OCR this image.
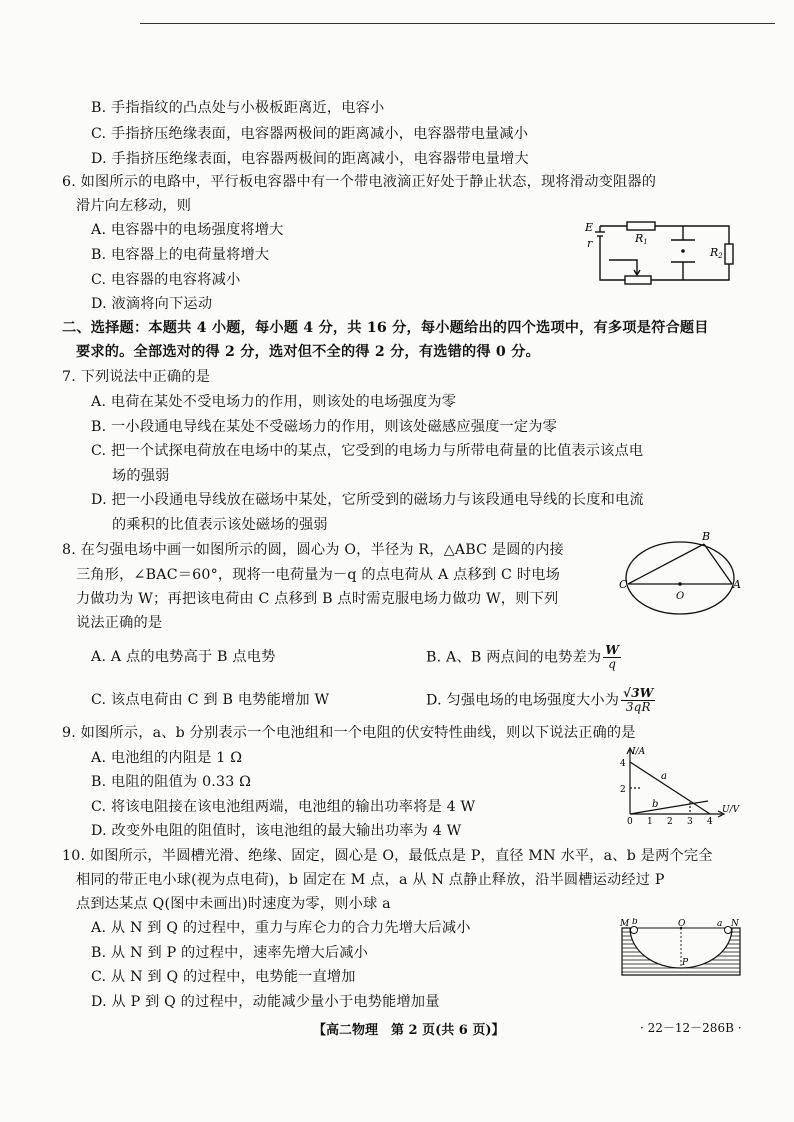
B. 手指指纹的凸点处与小极板距离近，电容小
C. 手指挤压绝缘表面，电容器两极间的距离减小，电容器带电量减小
D. 手指挤压绝缘表面，电容器两极间的距离减小，电容器带电量增大
6. 如图所示的电路中，平行板电容器中有一个带电液滴正好处于静止状态，现将滑动变阻器的
滑片向左移动，则
A. 电容器中的电场强度将增大
B. 电容器上的电荷量将增大
C. 电容器的电容将减小
D. 液滴将向下运动
E
r	R1
R2
二、选择题：本题共 4 小题，每小题 4 分，共 16 分，每小题给出的四个选项中，有多项是符合题目
要求的。全部选对的得 2 分，选对但不全的得 2 分，有选错的得 0 分。
7. 下列说法中正确的是
A. 电荷在某处不受电场力的作用，则该处的电场强度为零
B. 一小段通电导线在某处不受磁场力的作用，则该处磁感应强度一定为零
C. 把一个试探电荷放在电场中的某点，它受到的电场力与所带电荷量的比值表示该点电
场的强弱
D. 把一小段通电导线放在磁场中某处，它所受到的磁场力与该段通电导线的长度和电流
的乘积的比值表示该处磁场的强弱
8. 在匀强电场中画一如图所示的圆，圆心为 O，半径为 R，△ABC 是圆的内接
三角形，∠BAC＝60°，现将一电荷量为－q 的点电荷从 A 点移到 C 时电场
力做功为 W；再把该电荷由 C 点移到 B 点时需克服电场力做功 W，则下列
说法正确的是
B
C	A
O
A. A 点的电势高于 B 点电势	B. A、B 两点间的电势差为 $\frac{W}{q}$
C. 该点电荷由 C 到 B 电势能增加 W	D. 匀强电场的电场强度大小为 $\frac{√3W}{3qR}$
9. 如图所示，a、b 分别表示一个电池组和一个电阻的伏安特性曲线，则以下说法正确的是
A. 电池组的内阻是 1 Ω
B. 电阻的阻值为 0.33 Ω
C. 将该电阻接在该电池组两端，电池组的输出功率将是 4 W
D. 改变外电阻的阻值时，该电池组的最大输出功率为 4 W
I/A
U/V
4
2
0 1 2 3 4
a
b
10. 如图所示，半圆槽光滑、绝缘、固定，圆心是 O，最低点是 P，直径 MN 水平，a、b 是两个完全
相同的带正电小球(视为点电荷)，b 固定在 M 点，a 从 N 点静止释放，沿半圆槽运动经过 P
点到达某点 Q(图中未画出)时速度为零，则小球 a
A. 从 N 到 Q 的过程中，重力与库仑力的合力先增大后减小
B. 从 N 到 P 的过程中，速率先增大后减小
C. 从 N 到 Q 的过程中，电势能一直增加
D. 从 P 到 Q 的过程中，动能减少量小于电势能增加量
M b	O	a N
P
【高二物理　第 2 页(共 6 页)】	· 22－12－286B ·
